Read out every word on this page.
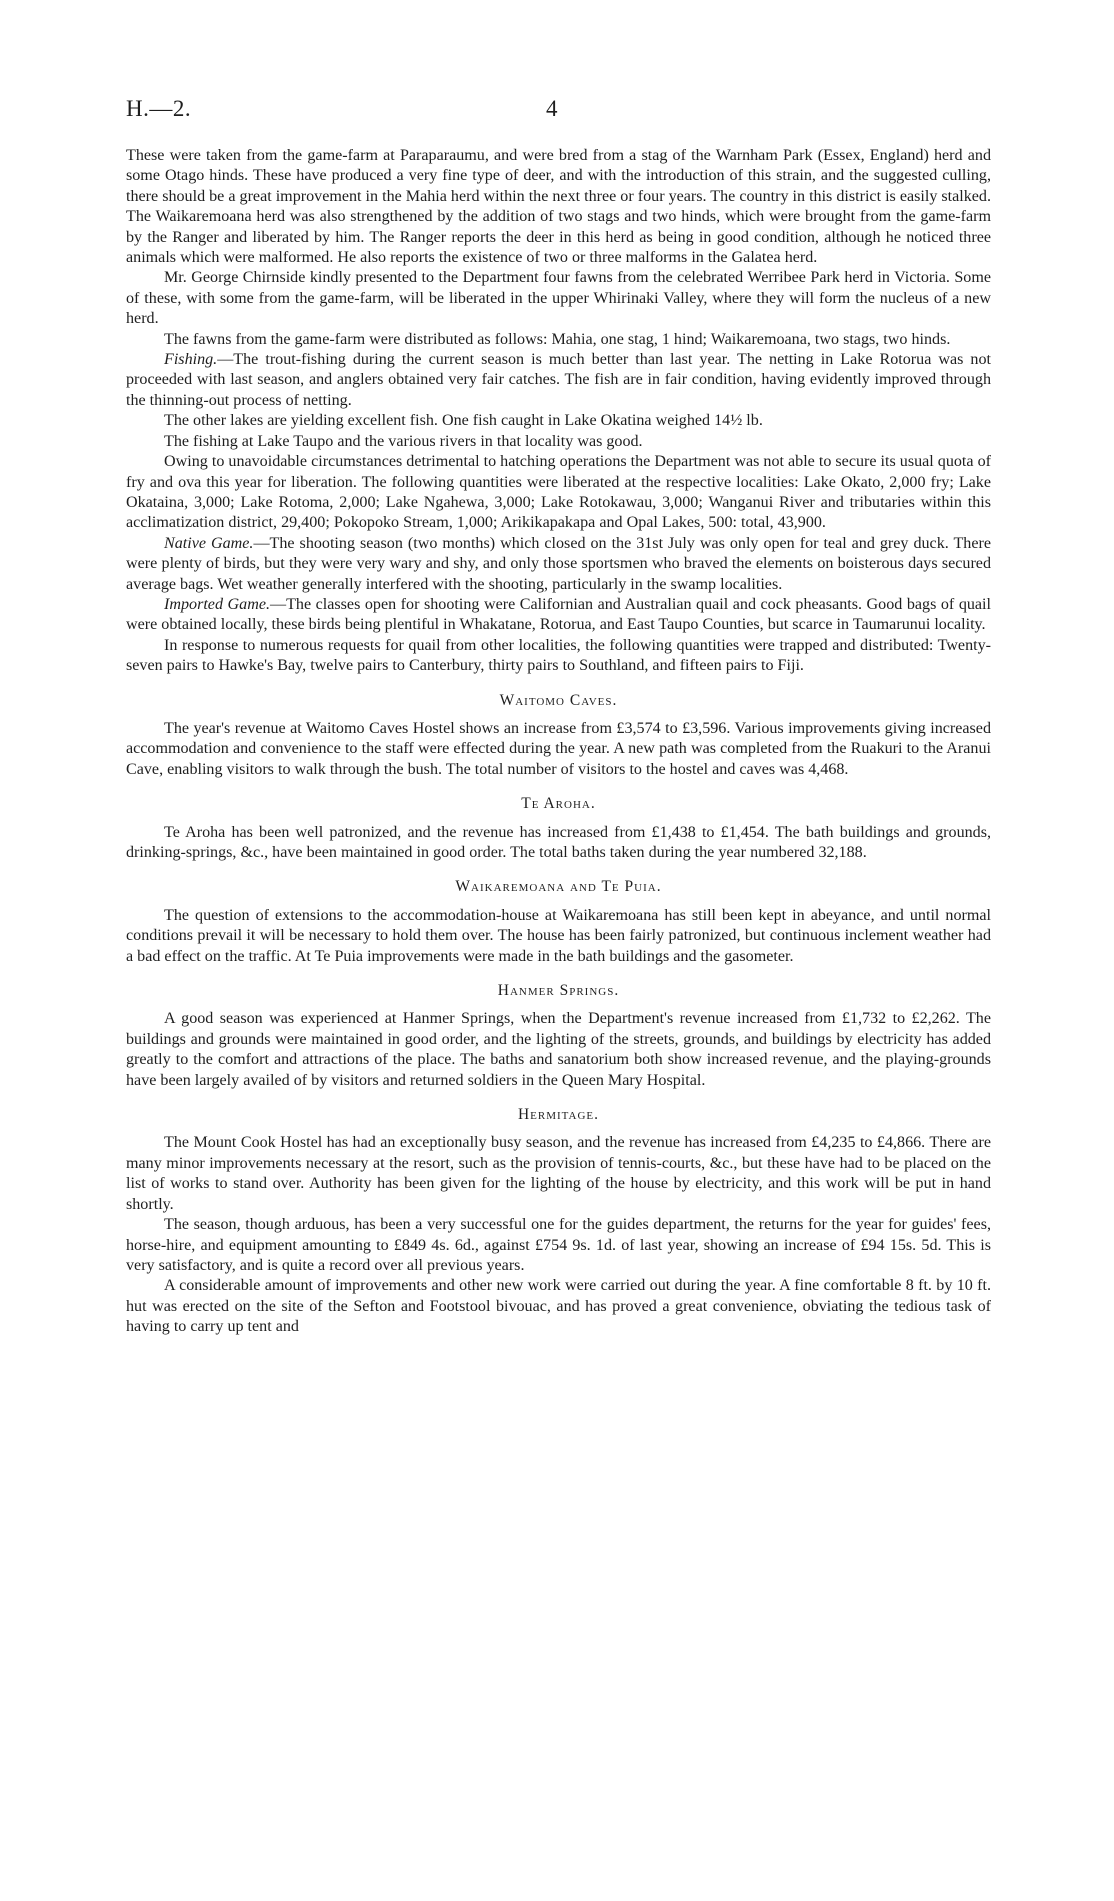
H.—2.	4

These were taken from the game-farm at Paraparaumu, and were bred from a stag of the Warnham Park (Essex, England) herd and some Otago hinds. These have produced a very fine type of deer, and with the introduction of this strain, and the suggested culling, there should be a great improvement in the Mahia herd within the next three or four years. The country in this district is easily stalked. The Waikaremoana herd was also strengthened by the addition of two stags and two hinds, which were brought from the game-farm by the Ranger and liberated by him. The Ranger reports the deer in this herd as being in good condition, although he noticed three animals which were malformed. He also reports the existence of two or three malforms in the Galatea herd.

Mr. George Chirnside kindly presented to the Department four fawns from the celebrated Werribee Park herd in Victoria. Some of these, with some from the game-farm, will be liberated in the upper Whirinaki Valley, where they will form the nucleus of a new herd.

The fawns from the game-farm were distributed as follows: Mahia, one stag, 1 hind; Waikaremoana, two stags, two hinds.

Fishing.—The trout-fishing during the current season is much better than last year. The netting in Lake Rotorua was not proceeded with last season, and anglers obtained very fair catches. The fish are in fair condition, having evidently improved through the thinning-out process of netting.

The other lakes are yielding excellent fish. One fish caught in Lake Okatina weighed 14½ lb.

The fishing at Lake Taupo and the various rivers in that locality was good.

Owing to unavoidable circumstances detrimental to hatching operations the Department was not able to secure its usual quota of fry and ova this year for liberation. The following quantities were liberated at the respective localities: Lake Okato, 2,000 fry; Lake Okataina, 3,000; Lake Rotoma, 2,000; Lake Ngahewa, 3,000; Lake Rotokawau, 3,000; Wanganui River and tributaries within this acclimatization district, 29,400; Pokopoko Stream, 1,000; Arikikapakapa and Opal Lakes, 500: total, 43,900.

Native Game.—The shooting season (two months) which closed on the 31st July was only open for teal and grey duck. There were plenty of birds, but they were very wary and shy, and only those sportsmen who braved the elements on boisterous days secured average bags. Wet weather generally interfered with the shooting, particularly in the swamp localities.

Imported Game.—The classes open for shooting were Californian and Australian quail and cock pheasants. Good bags of quail were obtained locally, these birds being plentiful in Whakatane, Rotorua, and East Taupo Counties, but scarce in Taumarunui locality.

In response to numerous requests for quail from other localities, the following quantities were trapped and distributed: Twenty-seven pairs to Hawke's Bay, twelve pairs to Canterbury, thirty pairs to Southland, and fifteen pairs to Fiji.

Waitomo Caves.

The year's revenue at Waitomo Caves Hostel shows an increase from £3,574 to £3,596. Various improvements giving increased accommodation and convenience to the staff were effected during the year. A new path was completed from the Ruakuri to the Aranui Cave, enabling visitors to walk through the bush. The total number of visitors to the hostel and caves was 4,468.

Te Aroha.

Te Aroha has been well patronized, and the revenue has increased from £1,438 to £1,454. The bath buildings and grounds, drinking-springs, &c., have been maintained in good order. The total baths taken during the year numbered 32,188.

Waikaremoana and Te Puia.

The question of extensions to the accommodation-house at Waikaremoana has still been kept in abeyance, and until normal conditions prevail it will be necessary to hold them over. The house has been fairly patronized, but continuous inclement weather had a bad effect on the traffic. At Te Puia improvements were made in the bath buildings and the gasometer.

Hanmer Springs.

A good season was experienced at Hanmer Springs, when the Department's revenue increased from £1,732 to £2,262. The buildings and grounds were maintained in good order, and the lighting of the streets, grounds, and buildings by electricity has added greatly to the comfort and attractions of the place. The baths and sanatorium both show increased revenue, and the playing-grounds have been largely availed of by visitors and returned soldiers in the Queen Mary Hospital.

Hermitage.

The Mount Cook Hostel has had an exceptionally busy season, and the revenue has increased from £4,235 to £4,866. There are many minor improvements necessary at the resort, such as the provision of tennis-courts, &c., but these have had to be placed on the list of works to stand over. Authority has been given for the lighting of the house by electricity, and this work will be put in hand shortly.

The season, though arduous, has been a very successful one for the guides department, the returns for the year for guides' fees, horse-hire, and equipment amounting to £849 4s. 6d., against £754 9s. 1d. of last year, showing an increase of £94 15s. 5d. This is very satisfactory, and is quite a record over all previous years.

A considerable amount of improvements and other new work were carried out during the year. A fine comfortable 8 ft. by 10 ft. hut was erected on the site of the Sefton and Footstool bivouac, and has proved a great convenience, obviating the tedious task of having to carry up tent and
